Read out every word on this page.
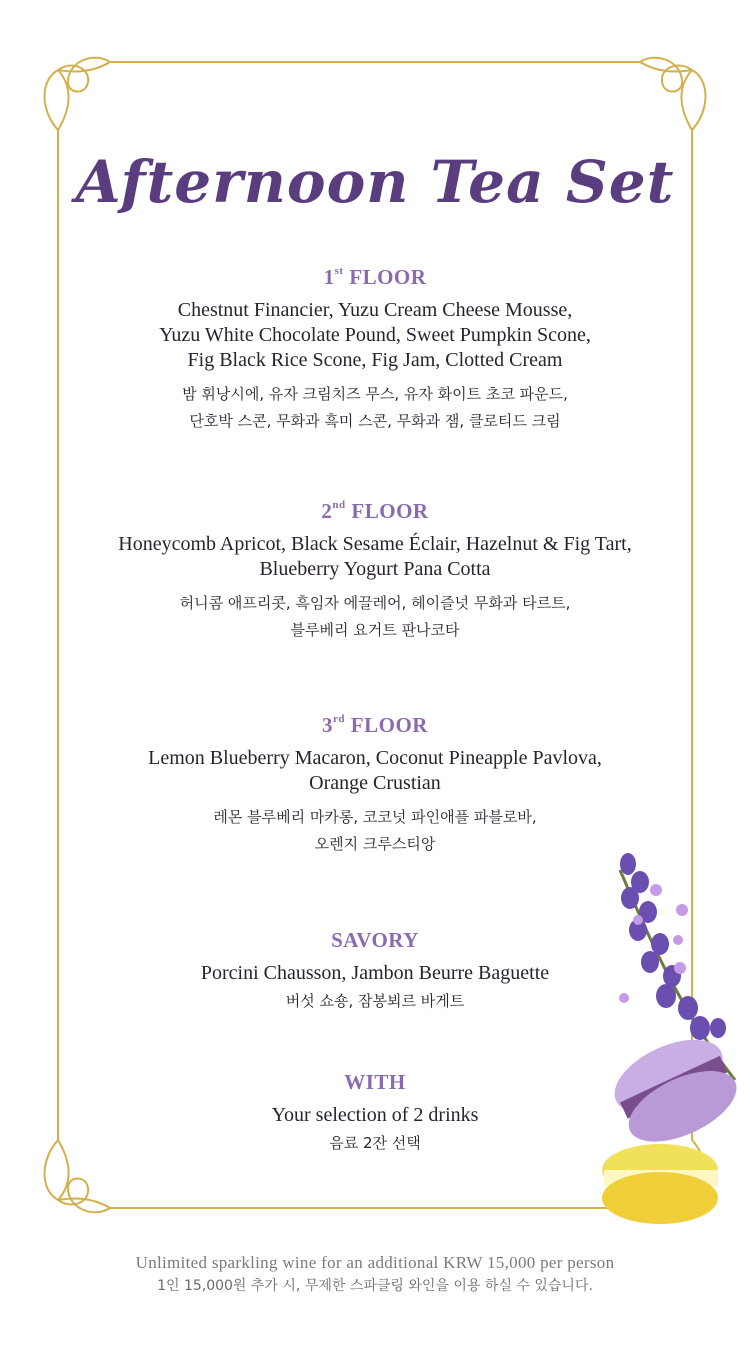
Afternoon Tea Set
1st FLOOR
Chestnut Financier, Yuzu Cream Cheese Mousse,
Yuzu White Chocolate Pound, Sweet Pumpkin Scone,
Fig Black Rice Scone, Fig Jam, Clotted Cream
밤 휘낭시에, 유자 크림치즈 무스, 유자 화이트 초코 파운드,
단호박 스콘, 무화과 흑미 스콘, 무화과 잼, 클로티드 크림
2nd FLOOR
Honeycomb Apricot, Black Sesame Éclair, Hazelnut & Fig Tart,
Blueberry Yogurt Pana Cotta
허니콤 애프리콧, 흑임자 에끌레어, 헤이즐넛 무화과 타르트,
블루베리 요거트 판나코타
3rd FLOOR
Lemon Blueberry Macaron, Coconut Pineapple Pavlova,
Orange Crustian
레몬 블루베리 마카롱, 코코넛 파인애플 파블로바,
오렌지 크루스티앙
SAVORY
Porcini Chausson, Jambon Beurre Baguette
버섯 쇼숑, 잠봉뵈르 바게트
WITH
Your selection of 2 drinks
음료 2잔 선택
Unlimited sparkling wine for an additional KRW 15,000 per person
1인 15,000원 추가 시, 무제한 스파클링 와인을 이용 하실 수 있습니다.
